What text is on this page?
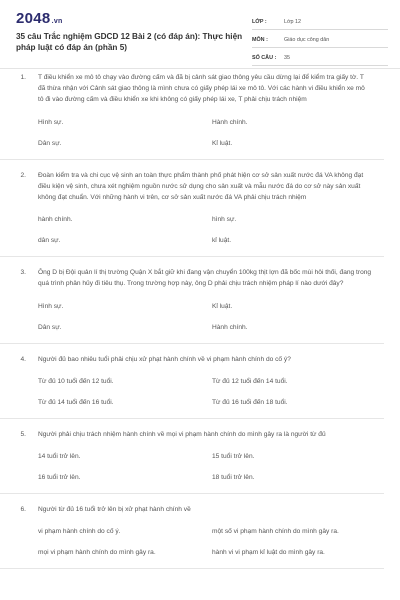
2048.vn
35 câu Trắc nghiệm GDCD 12 Bài 2 (có đáp án): Thực hiện pháp luật có đáp án (phần 5)
LỚP :	Lớp 12
MÔN :	Giáo dục công dân
SỐ CÂU :	35
1.	T điều khiển xe mô tô chạy vào đường cấm và đã bị cảnh sát giao thông yêu cầu dừng lại để kiểm tra giấy tờ. T đã thừa nhận với Cảnh sát giao thông là mình chưa có giấy phép lái xe mô tô. Với các hành vi điều khiển xe mô tô đi vào đường cấm và điều khiển xe khi không có giấy phép lái xe, T phải chịu trách nhiệm
Hình sự.	Hành chính.
Dân sự.	Kỉ luật.
2.	Đoàn kiểm tra và chi cục vệ sinh an toàn thực phẩm thành phố phát hiện cơ sở sản xuất nước đá VA không đạt điều kiện vệ sinh, chưa xét nghiệm nguồn nước sử dụng cho sản xuất và mẫu nước đá do cơ sở này sản xuất không đạt chuẩn. Với những hành vi trên, cơ sở sản xuất nước đá VA phải chịu trách nhiệm
hành chính.	hình sự.
dân sự.	kỉ luật.
3.	Ông D bị Đội quản lí thị trường Quận X bắt giữ khi đang vận chuyển 100kg thịt lợn đã bốc mùi hôi thối, đang trong quá trình phân hủy đi tiêu thụ. Trong trường hợp này, ông D phải chịu trách nhiệm pháp lí nào dưới đây?
Hình sự.	Kỉ luật.
Dân sự.	Hành chính.
4.	Người đủ bao nhiêu tuổi phải chịu xử phạt hành chính về vi phạm hành chính do cố ý?
Từ đủ 10 tuổi đến 12 tuổi.	Từ đủ 12 tuổi đến 14 tuổi.
Từ đủ 14 tuổi đến 16 tuổi.	Từ đủ 16 tuổi đến 18 tuổi.
5.	Người phải chịu trách nhiệm hành chính về mọi vi phạm hành chính do mình gây ra là người từ đủ
14 tuổi trở lên.	15 tuổi trở lên.
16 tuổi trở lên.	18 tuổi trở lên.
6.	Người từ đủ 16 tuổi trở lên bị xử phạt hành chính về
vi phạm hành chính do cố ý.	một số vi phạm hành chính do mình gây ra.
mọi vi phạm hành chính do mình gây ra.	hành vi vi phạm kỉ luật do mình gây ra.
